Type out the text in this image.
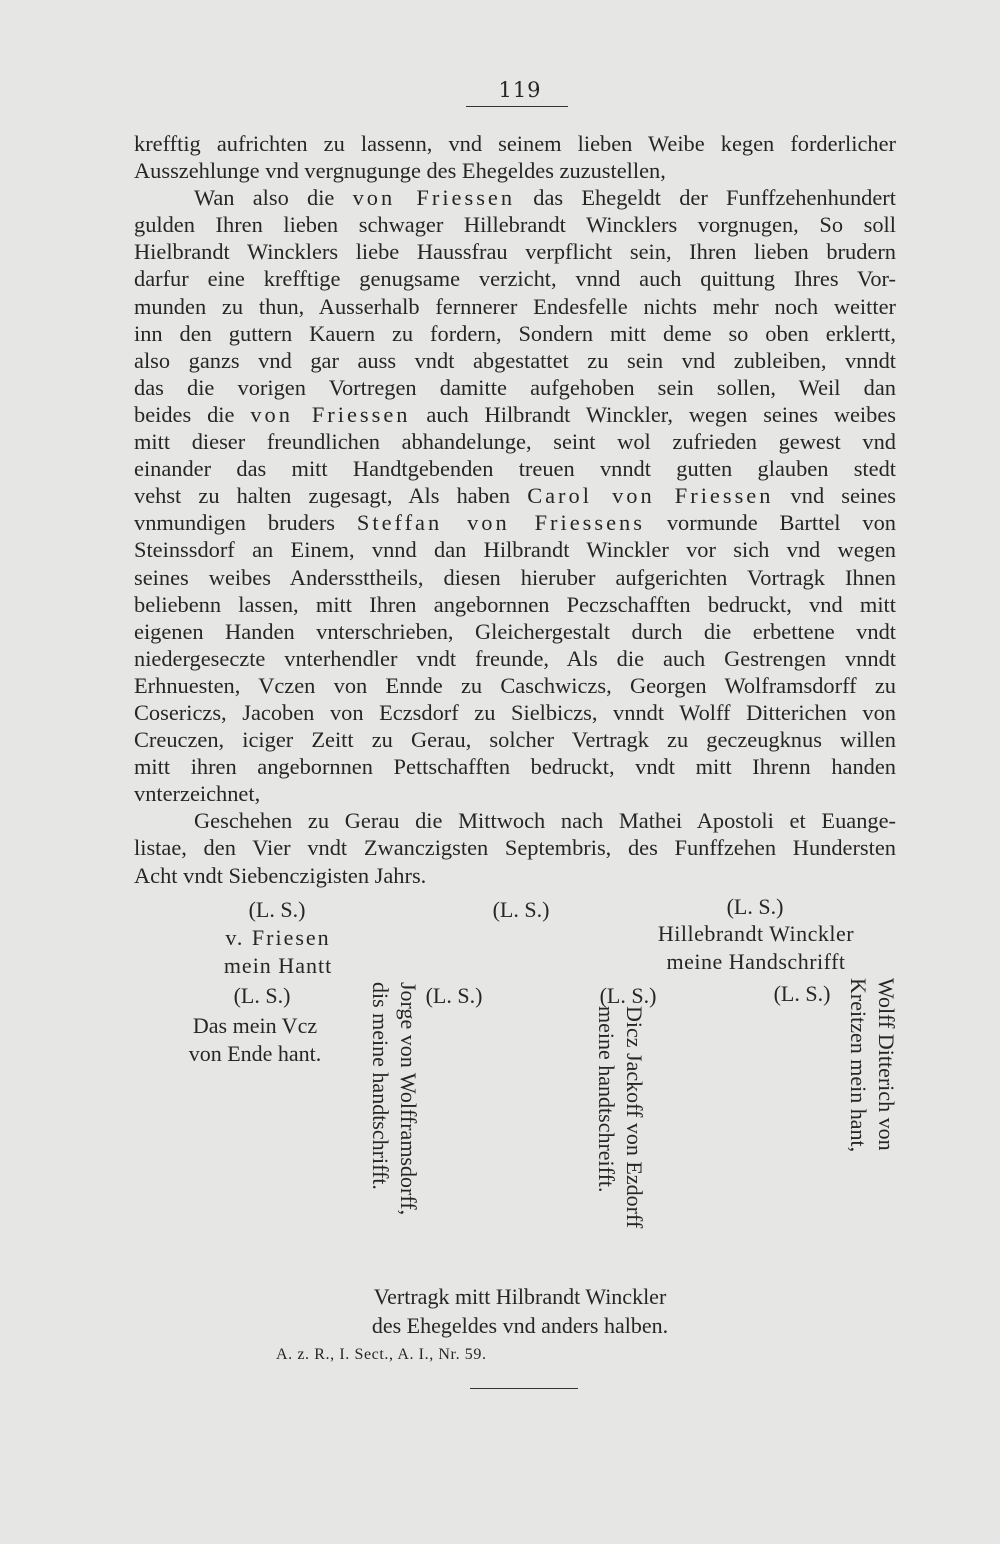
119
krefftig aufrichten zu lassenn, vnd seinem lieben Weibe kegen forderlicher
Ausszehlunge vnd vergnugunge des Ehegeldes zuzustellen,
Wan also die von Friessen das Ehegeldt der Funffzehenhundert
gulden Ihren lieben schwager Hillebrandt Wincklers vorgnugen, So soll
Hielbrandt Wincklers liebe Haussfrau verpflicht sein, Ihren lieben brudern
darfur eine krefftige genugsame verzicht, vnnd auch quittung Ihres Vor-
munden zu thun, Ausserhalb fernnerer Endesfelle nichts mehr noch weitter
inn den guttern Kauern zu fordern, Sondern mitt deme so oben erklertt,
also ganzs vnd gar auss vndt abgestattet zu sein vnd zubleiben, vnndt
das die vorigen Vortregen damitte aufgehoben sein sollen, Weil dan
beides die von Friessen auch Hilbrandt Winckler, wegen seines weibes
mitt dieser freundlichen abhandelunge, seint wol zufrieden gewest vnd
einander das mitt Handtgebenden treuen vnndt gutten glauben stedt
vehst zu halten zugesagt, Als haben Carol von Friessen vnd seines
vnmundigen bruders Steffan von Friessens vormunde Barttel von
Steinssdorf an Einem, vnnd dan Hilbrandt Winckler vor sich vnd wegen
seines weibes Anderssttheils, diesen hieruber aufgerichten Vortragk Ihnen
beliebenn lassen, mitt Ihren angebornnen Peczschafften bedruckt, vnd mitt
eigenen Handen vnterschrieben, Gleichergestalt durch die erbettene vndt
niedergeseczte vnterhendler vndt freunde, Als die auch Gestrengen vnndt
Erhnuesten, Vczen von Ennde zu Caschwiczs, Georgen Wolframsdorff zu
Cosericzs, Jacoben von Eczsdorf zu Sielbiczs, vnndt Wolff Ditterichen von
Creuczen, iciger Zeitt zu Gerau, solcher Vertragk zu geczeugknus willen
mitt ihren angebornnen Pettschafften bedruckt, vndt mitt Ihrenn handen
vnterzeichnet,
Geschehen zu Gerau die Mittwoch nach Mathei Apostoli et Euange-
listae, den Vier vndt Zwanczigsten Septembris, des Funffzehen Hundersten
Acht vndt Siebenczigisten Jahrs.
(L. S.)
v. Friesen
mein Hantt
(L. S.)	(L. S.)
Hillebrandt Winckler
meine Handschrifft
(L. S.)
Das mein Vcz
von Ende hant.
(L. S.)
Jorge von Wolfframsdorff,
dis meine handtschrifft.	(L. S.)
Dicz Jackoff von Ezdorff
meine handtschreifft.
(L. S.)	Wolff Ditterich von
Kreitzen mein hant,
Vertragk mitt Hilbrandt Winckler
des Ehegeldes vnd anders halben.
A. z. R., I. Sect., A. I., Nr. 59.
